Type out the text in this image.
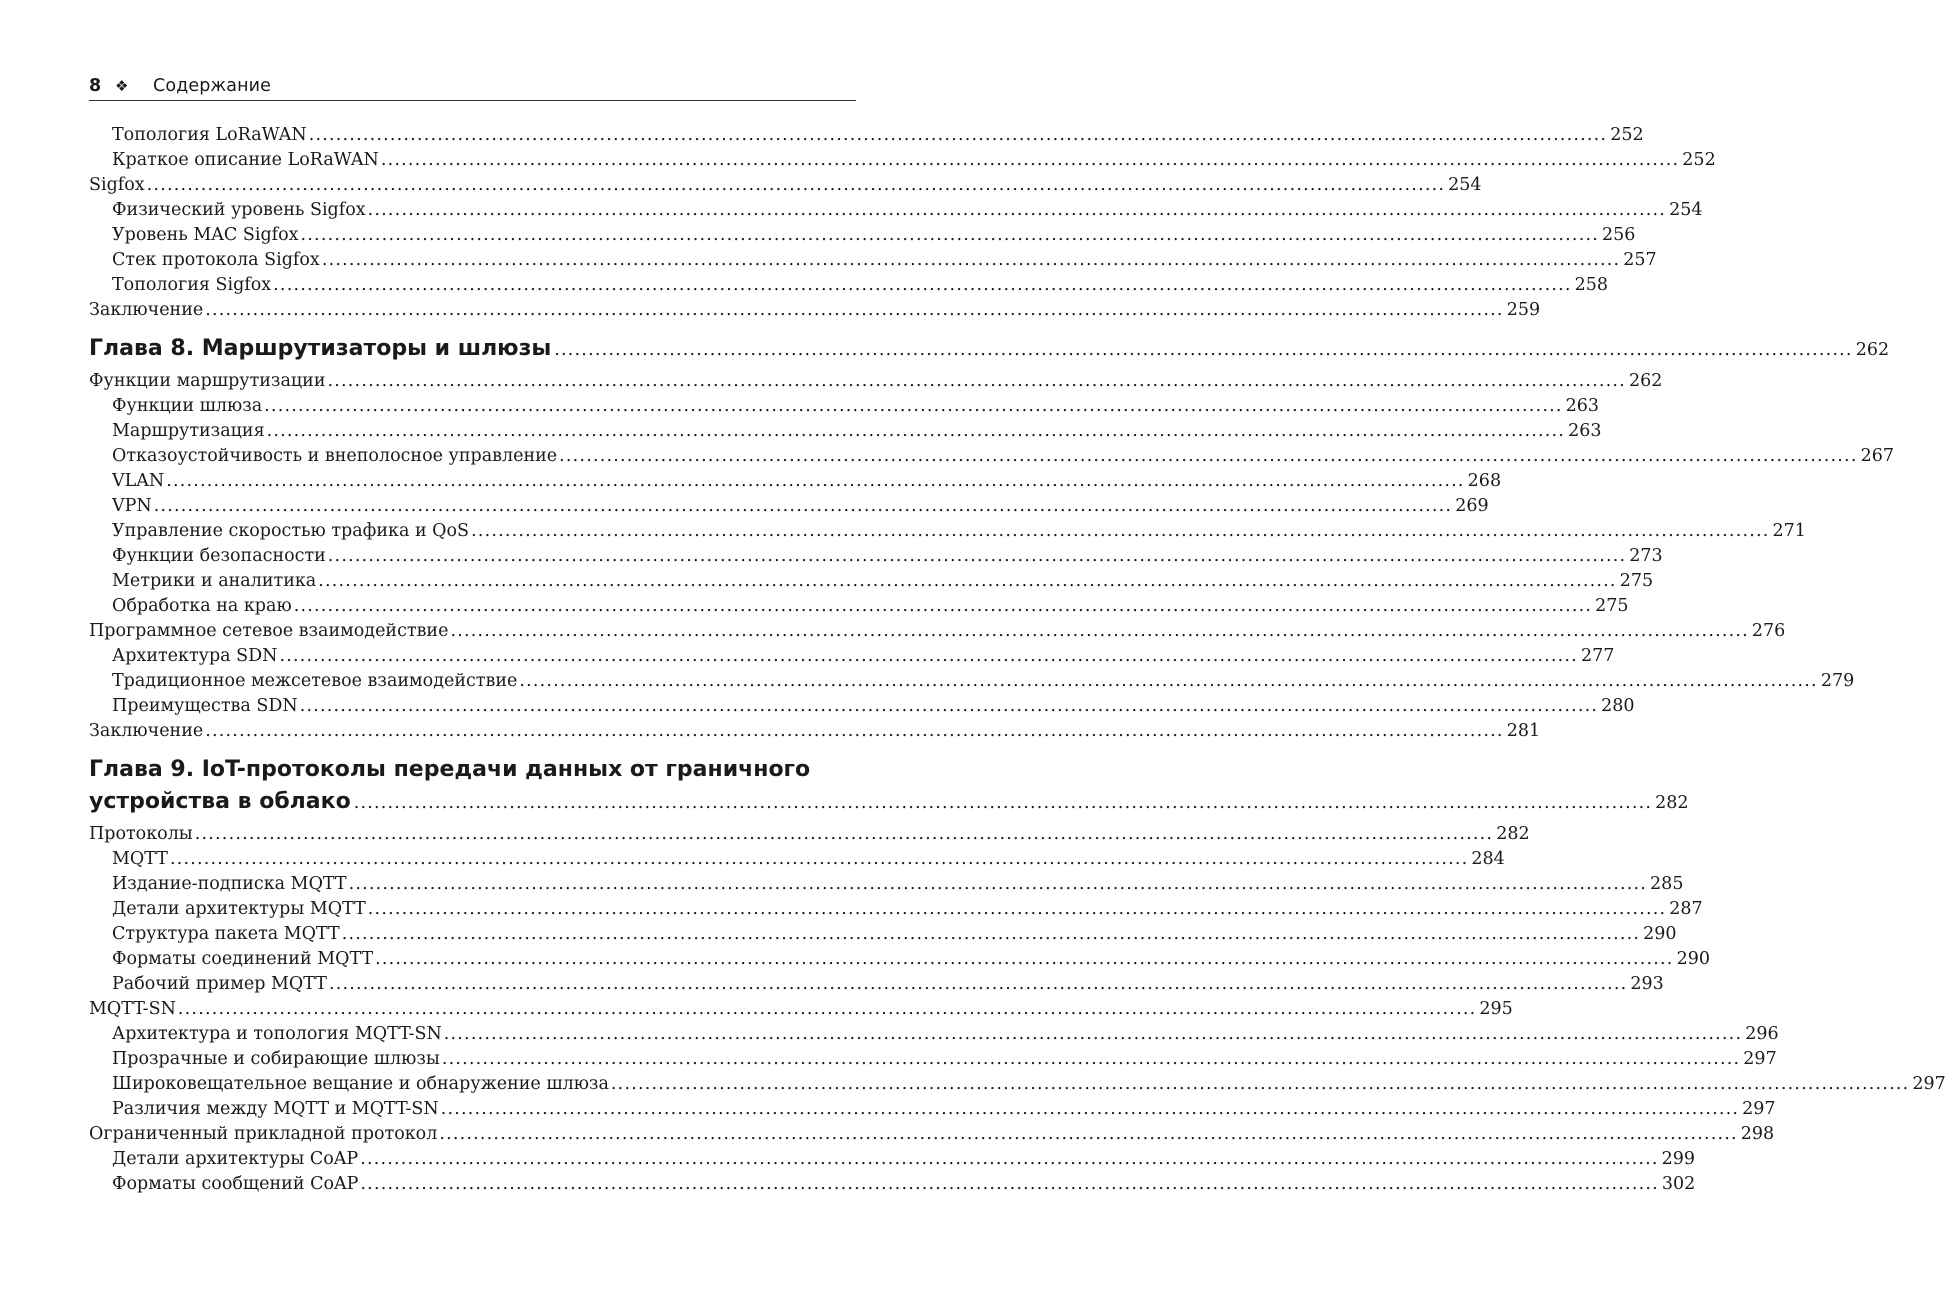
8 ❖	Содержание
Топология LoRaWAN ................................................................................................................................................................................................ 252
Краткое описание LoRaWAN ................................................................................................................................................................................................ 252
Sigfox ................................................................................................................................................................................................ 254
Физический уровень Sigfox ................................................................................................................................................................................................ 254
Уровень MAC Sigfox ................................................................................................................................................................................................ 256
Стек протокола Sigfox ................................................................................................................................................................................................ 257
Топология Sigfox ................................................................................................................................................................................................ 258
Заключение ................................................................................................................................................................................................ 259
Глава 8. Маршрутизаторы и шлюзы ................................................................................................................................................................................................ 262
Функции маршрутизации ................................................................................................................................................................................................ 262
Функции шлюза ................................................................................................................................................................................................ 263
Маршрутизация ................................................................................................................................................................................................ 263
Отказоустойчивость и внеполосное управление ................................................................................................................................................................................................ 267
VLAN ................................................................................................................................................................................................ 268
VPN ................................................................................................................................................................................................ 269
Управление скоростью трафика и QoS ................................................................................................................................................................................................ 271
Функции безопасности ................................................................................................................................................................................................ 273
Метрики и аналитика ................................................................................................................................................................................................ 275
Обработка на краю ................................................................................................................................................................................................ 275
Программное сетевое взаимодействие ................................................................................................................................................................................................ 276
Архитектура SDN ................................................................................................................................................................................................ 277
Традиционное межсетевое взаимодействие ................................................................................................................................................................................................ 279
Преимущества SDN ................................................................................................................................................................................................ 280
Заключение ................................................................................................................................................................................................ 281
Глава 9. IoT-протоколы передачи данных от граничного
устройства в облако ................................................................................................................................................................................................ 282
Протоколы ................................................................................................................................................................................................ 282
MQTT ................................................................................................................................................................................................ 284
Издание-подписка MQTT ................................................................................................................................................................................................ 285
Детали архитектуры MQTT ................................................................................................................................................................................................ 287
Структура пакета MQTT ................................................................................................................................................................................................ 290
Форматы соединений MQTT ................................................................................................................................................................................................ 290
Рабочий пример MQTT ................................................................................................................................................................................................ 293
MQTT-SN ................................................................................................................................................................................................ 295
Архитектура и топология MQTT-SN ................................................................................................................................................................................................ 296
Прозрачные и собирающие шлюзы ................................................................................................................................................................................................ 297
Широковещательное вещание и обнаружение шлюза ................................................................................................................................................................................................ 297
Различия между MQTT и MQTT-SN ................................................................................................................................................................................................ 297
Ограниченный прикладной протокол ................................................................................................................................................................................................ 298
Детали архитектуры CoAP ................................................................................................................................................................................................ 299
Форматы сообщений CoAP ................................................................................................................................................................................................ 302
